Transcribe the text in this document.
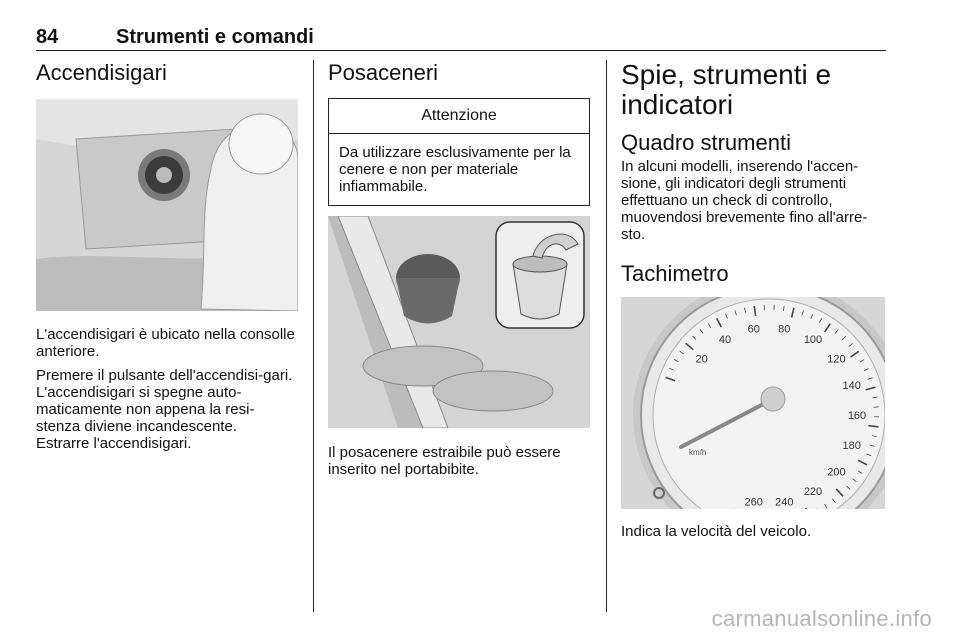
84	Strumenti e comandi
Accendisigari

L'accendisigari è ubicato nella consolle anteriore.

Premere il pulsante dell'accendisi-gari. L'accendisigari si spegne auto-maticamente non appena la resi-stenza diviene incandescente.

Estrarre l'accendisigari.

Posaceneri
Attenzione
Da utilizzare esclusivamente per la cenere e non per materiale infiammabile.

Il posacenere estraibile può essere inserito nel portabibite.

Spie, strumenti e indicatori
Quadro strumenti

In alcuni modelli, inserendo l'accen-sione, gli indicatori degli strumenti effettuano un check di controllo, muovendosi brevemente fino all'arre-sto.

Tachimetro
20
40
60 80
100
120
140
160
180
200
220
240
260
km/h

Indica la velocità del veicolo.

carmanualsonline.info
